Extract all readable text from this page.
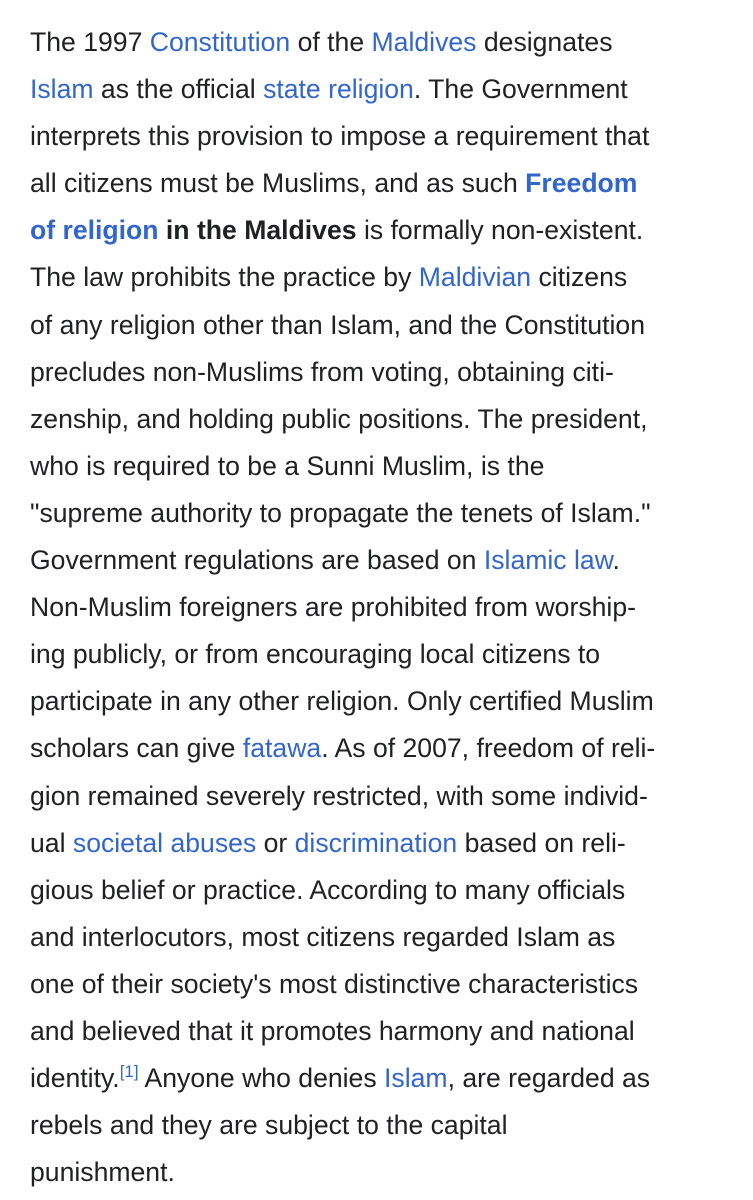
The 1997 Constitution of the Maldives designates
Islam as the official state religion. The Government
interprets this provision to impose a requirement that
all citizens must be Muslims, and as such Freedom
of religion in the Maldives is formally non-existent.
The law prohibits the practice by Maldivian citizens
of any religion other than Islam, and the Constitution
precludes non-Muslims from voting, obtaining citi-
zenship, and holding public positions. The president,
who is required to be a Sunni Muslim, is the
"supreme authority to propagate the tenets of Islam."
Government regulations are based on Islamic law.
Non-Muslim foreigners are prohibited from worship-
ing publicly, or from encouraging local citizens to
participate in any other religion. Only certified Muslim
scholars can give fatawa. As of 2007, freedom of reli-
gion remained severely restricted, with some individ-
ual societal abuses or discrimination based on reli-
gious belief or practice. According to many officials
and interlocutors, most citizens regarded Islam as
one of their society's most distinctive characteristics
and believed that it promotes harmony and national
identity.[1] Anyone who denies Islam, are regarded as
rebels and they are subject to the capital
punishment.
